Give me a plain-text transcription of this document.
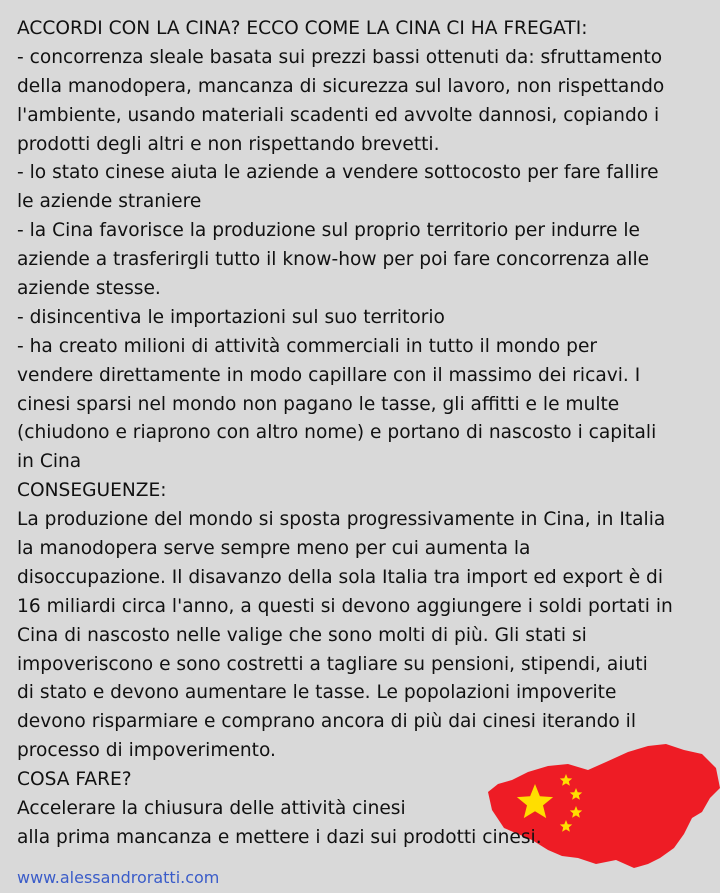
ACCORDI CON LA CINA? ECCO COME LA CINA CI HA FREGATI:
- concorrenza sleale basata sui prezzi bassi ottenuti da: sfruttamento
della manodopera, mancanza di sicurezza sul lavoro, non rispettando
l'ambiente, usando materiali scadenti ed avvolte dannosi, copiando i
prodotti degli altri e non rispettando brevetti.
- lo stato cinese aiuta le aziende a vendere sottocosto per fare fallire
le aziende straniere
- la Cina favorisce la produzione sul proprio territorio per indurre le
aziende a trasferirgli tutto il know-how per poi fare concorrenza alle
aziende stesse.
- disincentiva le importazioni sul suo territorio
- ha creato milioni di attività commerciali in tutto il mondo per
vendere direttamente in modo capillare con il massimo dei ricavi. I
cinesi sparsi nel mondo non pagano le tasse, gli affitti e le multe
(chiudono e riaprono con altro nome) e portano di nascosto i capitali
in Cina
CONSEGUENZE:
La produzione del mondo si sposta progressivamente in Cina, in Italia
la manodopera serve sempre meno per cui aumenta la
disoccupazione. Il disavanzo della sola Italia tra import ed export è di
16 miliardi circa l'anno, a questi si devono aggiungere i soldi portati in
Cina di nascosto nelle valige che sono molti di più. Gli stati si
impoveriscono e sono costretti a tagliare su pensioni, stipendi, aiuti
di stato e devono aumentare le tasse. Le popolazioni impoverite
devono risparmiare e comprano ancora di più dai cinesi iterando il
processo di impoverimento.
COSA FARE?
Accelerare la chiusura delle attività cinesi
alla prima mancanza e mettere i dazi sui prodotti cinesi.
www.alessandroratti.com
